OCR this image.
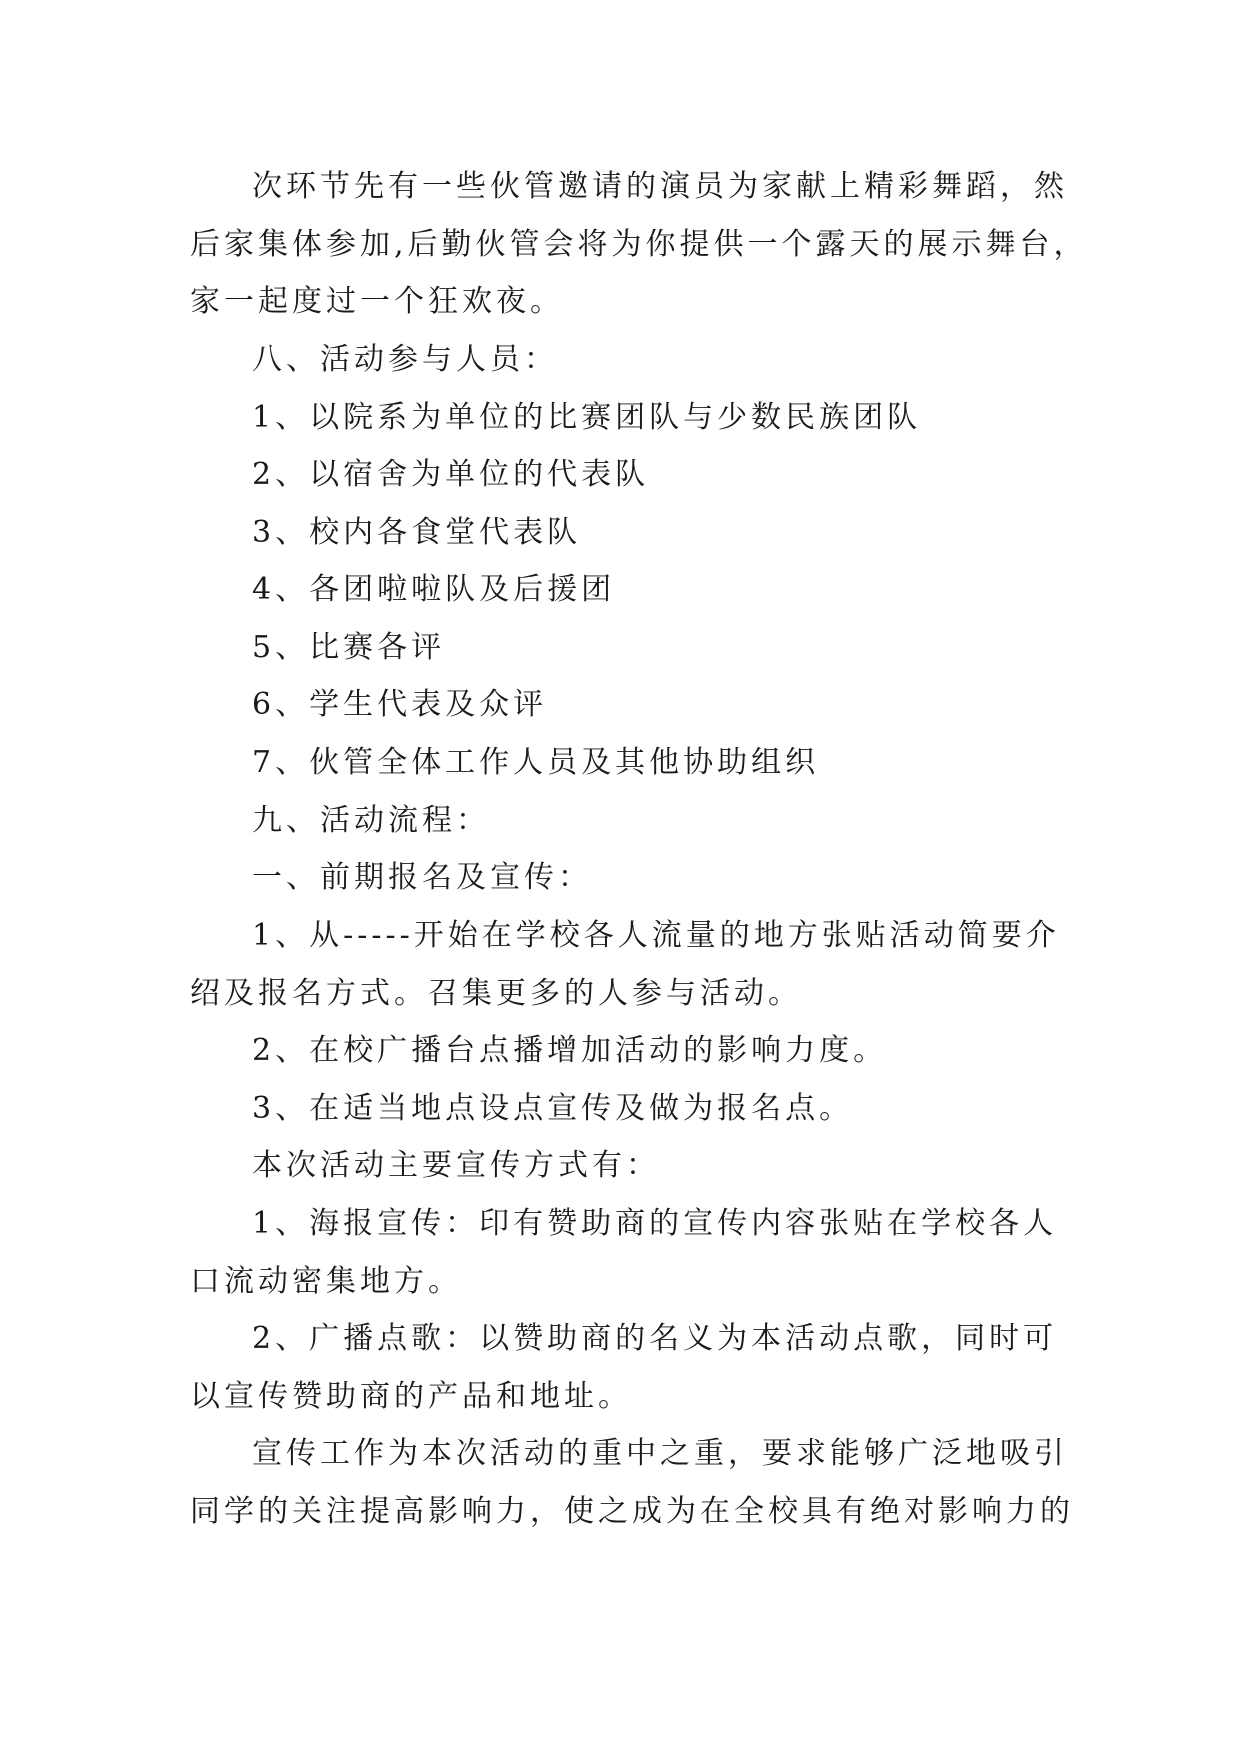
次环节先有一些伙管邀请的演员为家献上精彩舞蹈，然
后家集体参加,后勤伙管会将为你提供一个露天的展示舞台，
家一起度过一个狂欢夜。
八、活动参与人员：
1、以院系为单位的比赛团队与少数民族团队
2、以宿舍为单位的代表队
3、校内各食堂代表队
4、各团啦啦队及后援团
5、比赛各评
6、学生代表及众评
7、伙管全体工作人员及其他协助组织
九、活动流程：
一、前期报名及宣传：
1、从-----开始在学校各人流量的地方张贴活动简要介
绍及报名方式。召集更多的人参与活动。
2、在校广播台点播增加活动的影响力度。
3、在适当地点设点宣传及做为报名点。
本次活动主要宣传方式有：
1、海报宣传：印有赞助商的宣传内容张贴在学校各人
口流动密集地方。
2、广播点歌：以赞助商的名义为本活动点歌，同时可
以宣传赞助商的产品和地址。
宣传工作为本次活动的重中之重，要求能够广泛地吸引
同学的关注提高影响力，使之成为在全校具有绝对影响力的
